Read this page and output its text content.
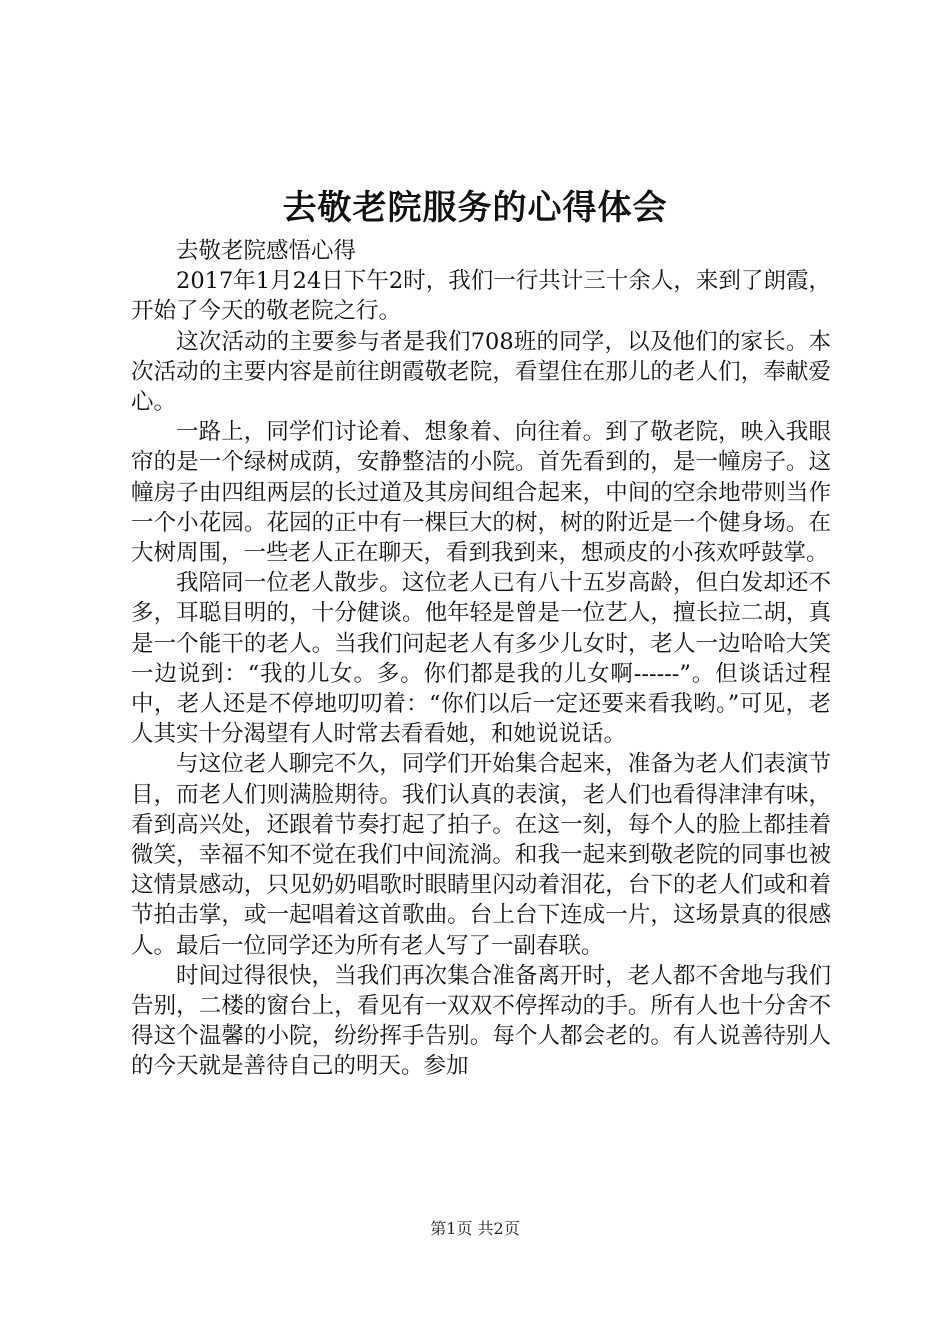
去敬老院服务的心得体会

去敬老院感悟心得

2017年1月24日下午2时，我们一行共计三十余人，来到了朗霞，开始了今天的敬老院之行。

这次活动的主要参与者是我们708班的同学，以及他们的家长。本次活动的主要内容是前往朗霞敬老院，看望住在那儿的老人们，奉献爱心。

一路上，同学们讨论着、想象着、向往着。到了敬老院，映入我眼帘的是一个绿树成荫，安静整洁的小院。首先看到的，是一幢房子。这幢房子由四组两层的长过道及其房间组合起来，中间的空余地带则当作一个小花园。花园的正中有一棵巨大的树，树的附近是一个健身场。在大树周围，一些老人正在聊天，看到我到来，想顽皮的小孩欢呼鼓掌。

我陪同一位老人散步。这位老人已有八十五岁高龄，但白发却还不多，耳聪目明的，十分健谈。他年轻是曾是一位艺人，擅长拉二胡，真是一个能干的老人。当我们问起老人有多少儿女时，老人一边哈哈大笑一边说到：“我的儿女。多。你们都是我的儿女啊------”。但谈话过程中，老人还是不停地叨叨着：“你们以后一定还要来看我哟。”可见，老人其实十分渴望有人时常去看看她，和她说说话。

与这位老人聊完不久，同学们开始集合起来，准备为老人们表演节目，而老人们则满脸期待。我们认真的表演，老人们也看得津津有味，看到高兴处，还跟着节奏打起了拍子。在这一刻，每个人的脸上都挂着微笑，幸福不知不觉在我们中间流淌。和我一起来到敬老院的同事也被这情景感动，只见奶奶唱歌时眼睛里闪动着泪花，台下的老人们或和着节拍击掌，或一起唱着这首歌曲。台上台下连成一片，这场景真的很感人。最后一位同学还为所有老人写了一副春联。

时间过得很快，当我们再次集合准备离开时，老人都不舍地与我们告别，二楼的窗台上，看见有一双双不停挥动的手。所有人也十分舍不得这个温馨的小院，纷纷挥手告别。每个人都会老的。有人说善待别人的今天就是善待自己的明天。参加

第1页 共2页
